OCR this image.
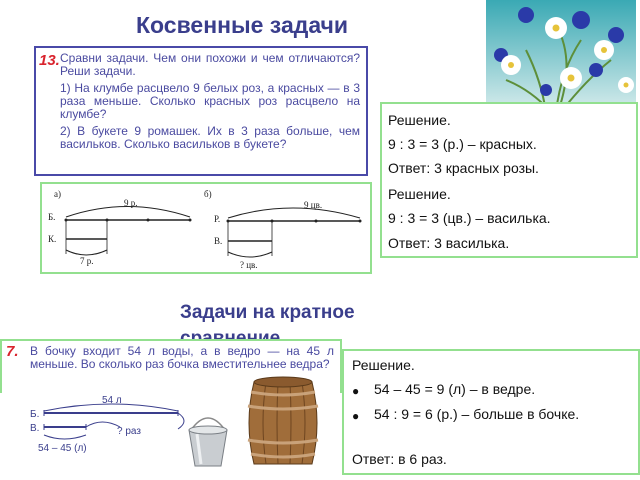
Косвенные задачи
13. Сравни задачи. Чем они похожи и чем отличаются? Реши задачи.

1) На клумбе расцвело 9 белых роз, а красных — в 3 раза меньше. Сколько красных роз расцвело на клумбе?

2) В букете 9 ромашек. Их в 3 раза больше, чем васильков. Сколько васильков в букете?

Решение.
9 : 3 = 3 (р.) – красных.
Ответ: 3 красных розы.
Решение.
9 : 3 = 3 (цв.) – василька.
Ответ: 3 василька.
а)
9 р.
Б.
К.
7 р.
б)
9 цв.
Р.
В.
? цв.
Задачи на кратное
7. В бочку входит 54 л воды, а в ведро — на 45 л меньше. Во сколько раз бочка вместительнее ведра?
54 л
Б.
В.	? раз
54 – 45 (л)
Решение.
● 54 – 45 = 9 (л) – в ведре.
● 54 : 9 = 6 (р.) – больше в бочке.
Ответ: в 6 раз.
